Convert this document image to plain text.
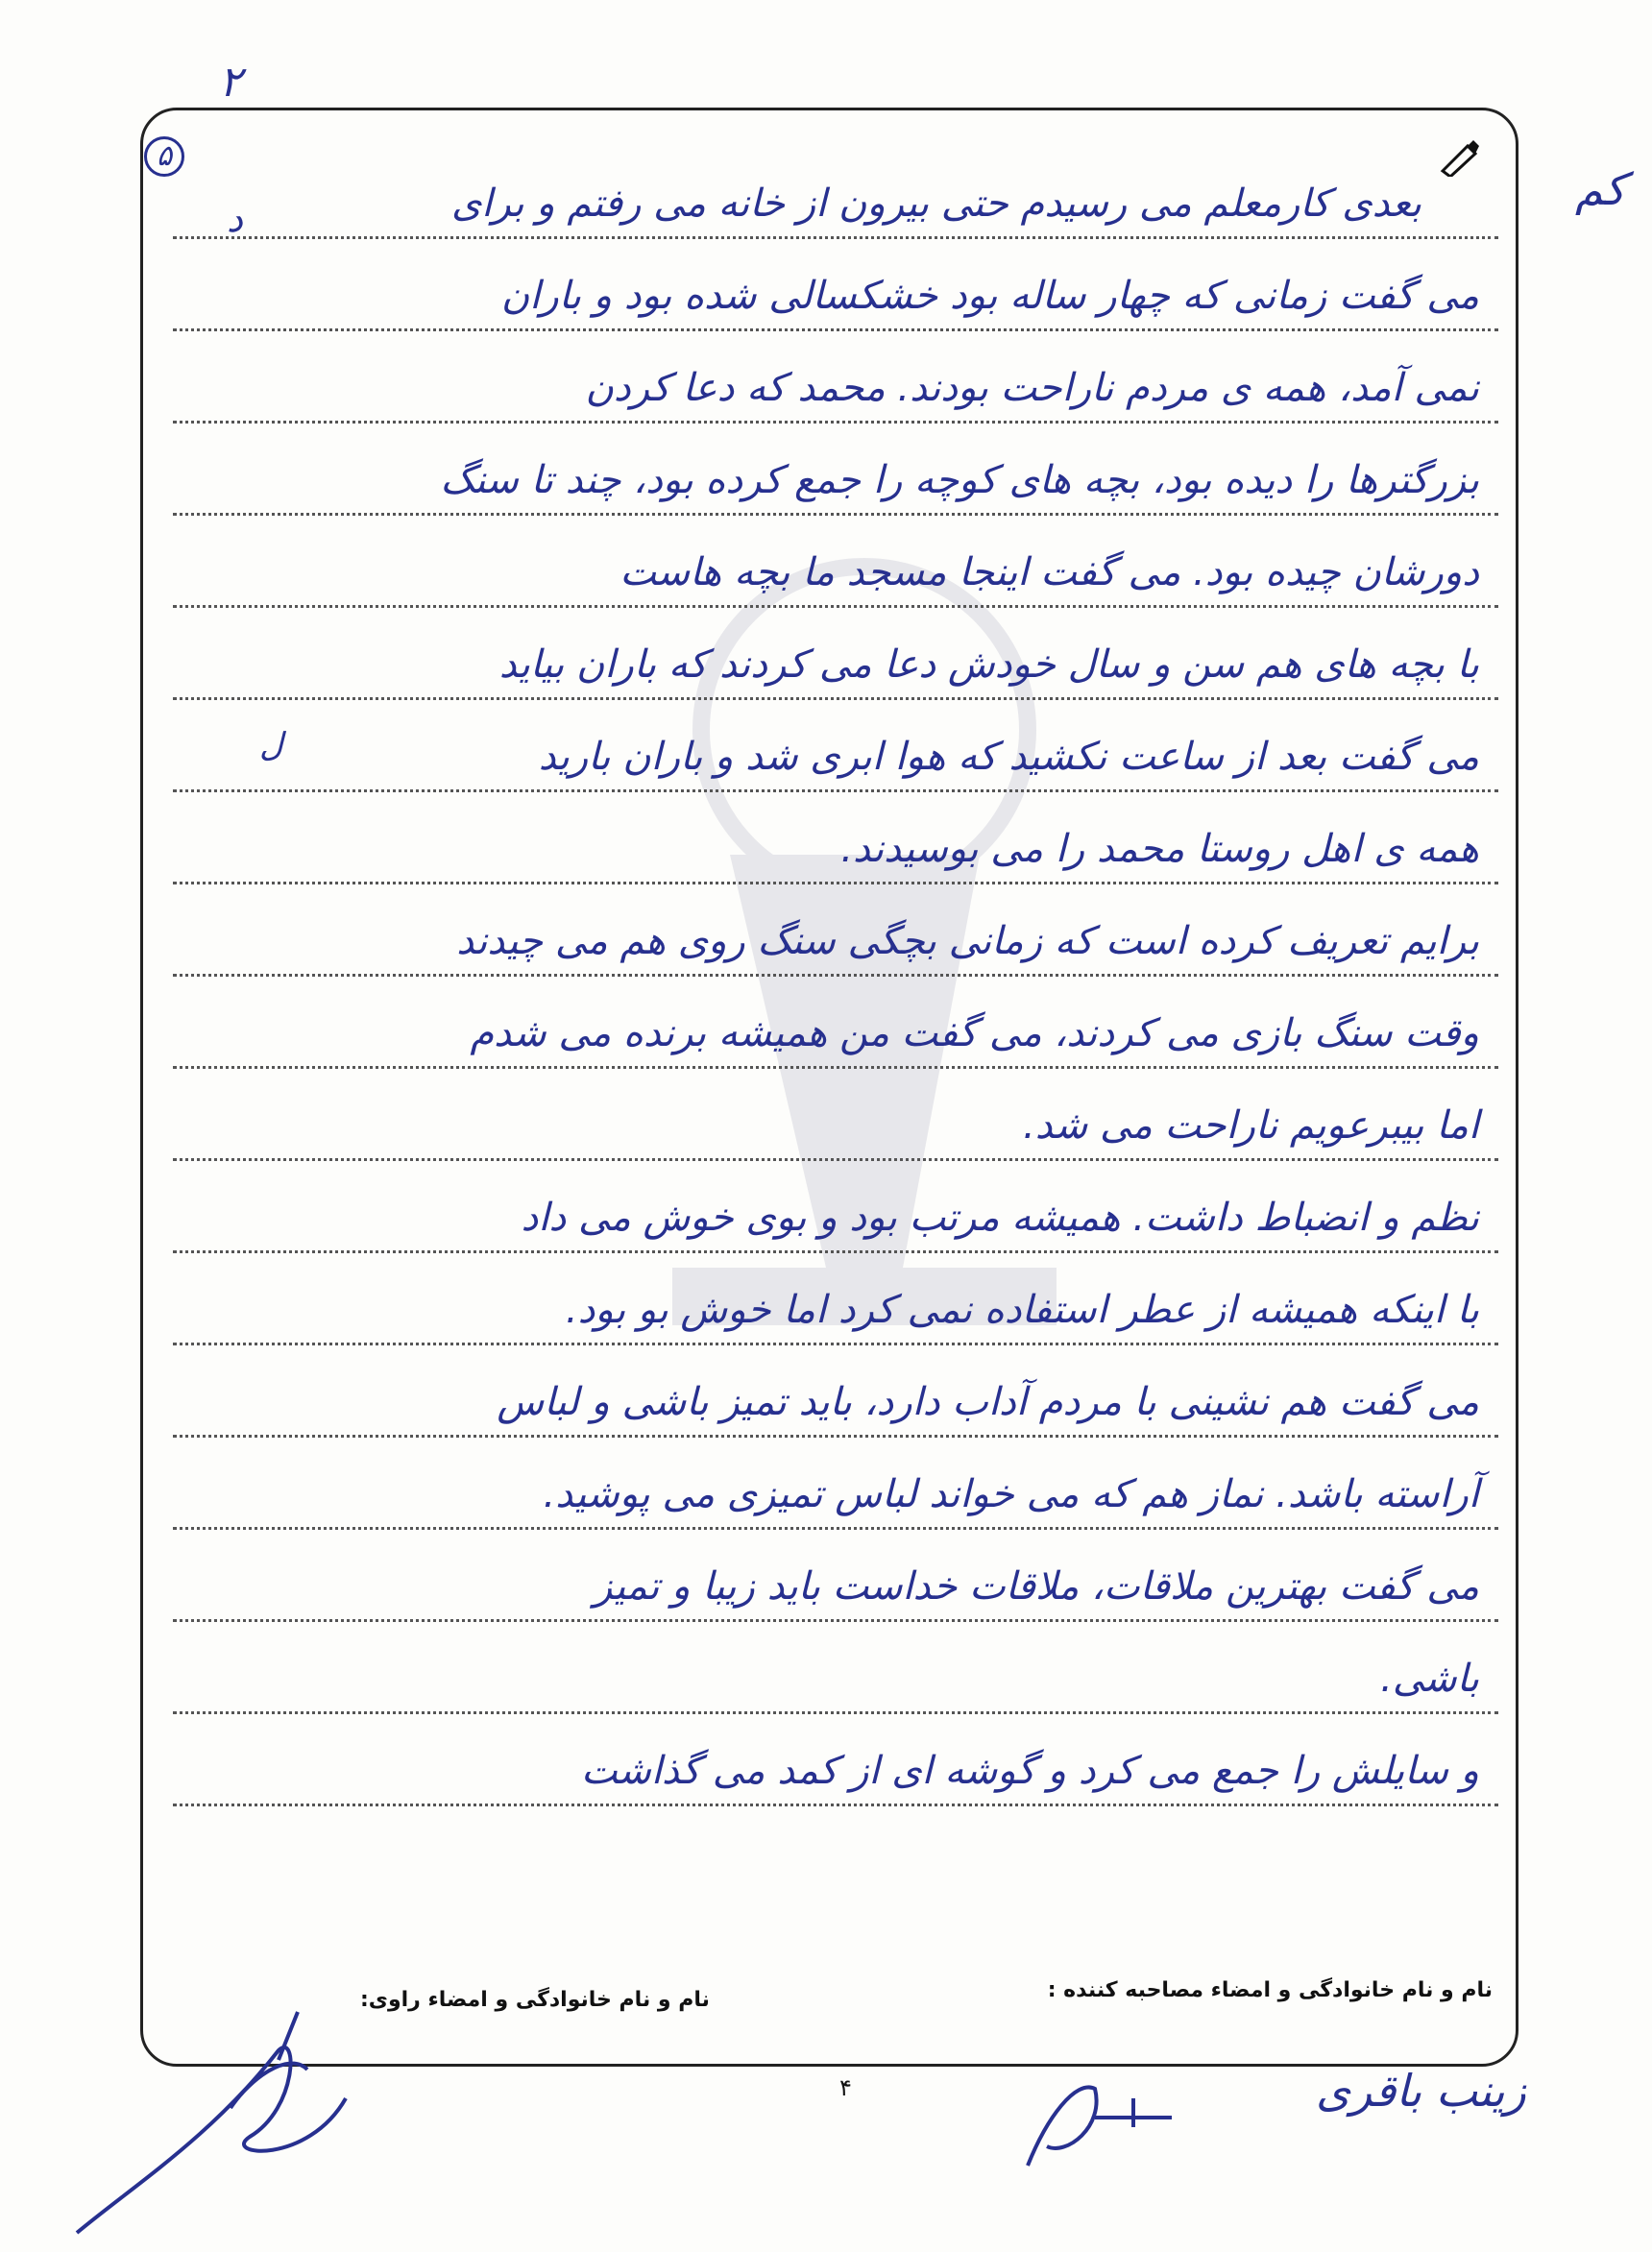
بعدی کارمعلم می رسیدم حتی بیرون از خانه می رفتم و برای
می گفت زمانی که چهار ساله بود خشکسالی شده بود و باران
نمی آمد، همه ی مردم ناراحت بودند. محمد که دعا کردن
بزرگترها را دیده بود، بچه های کوچه را جمع کرده بود، چند تا سنگ
دورشان چیده بود. می گفت اینجا مسجد ما بچه هاست
با بچه های هم سن و سال خودش دعا می کردند که باران بیاید
می گفت بعد از ساعت نکشید که هوا ابری شد و باران بارید
همه ی اهل روستا محمد را می بوسیدند.
برایم تعریف کرده است که زمانی بچگی سنگ روی هم می چیدند
وقت سنگ بازی می کردند، می گفت من همیشه برنده می شدم
اما بیبرعویم ناراحت می شد.
نظم و انضباط داشت. همیشه مرتب بود و بوی خوش می داد
با اینکه همیشه از عطر استفاده نمی کرد اما خوش بو بود.
می گفت هم نشینی با مردم آداب دارد، باید تمیز باشی و لباس
آراسته باشد. نماز هم که می خواند لباس تمیزی می پوشید.
می گفت بهترین ملاقات، ملاقات خداست باید زیبا و تمیز
باشی.
و سایلش را جمع می کرد و گوشه ای از کمد می گذاشت
۲
۵
کم
د
ل
نام و نام خانوادگی و امضاء مصاحبه کننده :
نام و نام خانوادگی و امضاء راوی:
۴	زینب باقری
